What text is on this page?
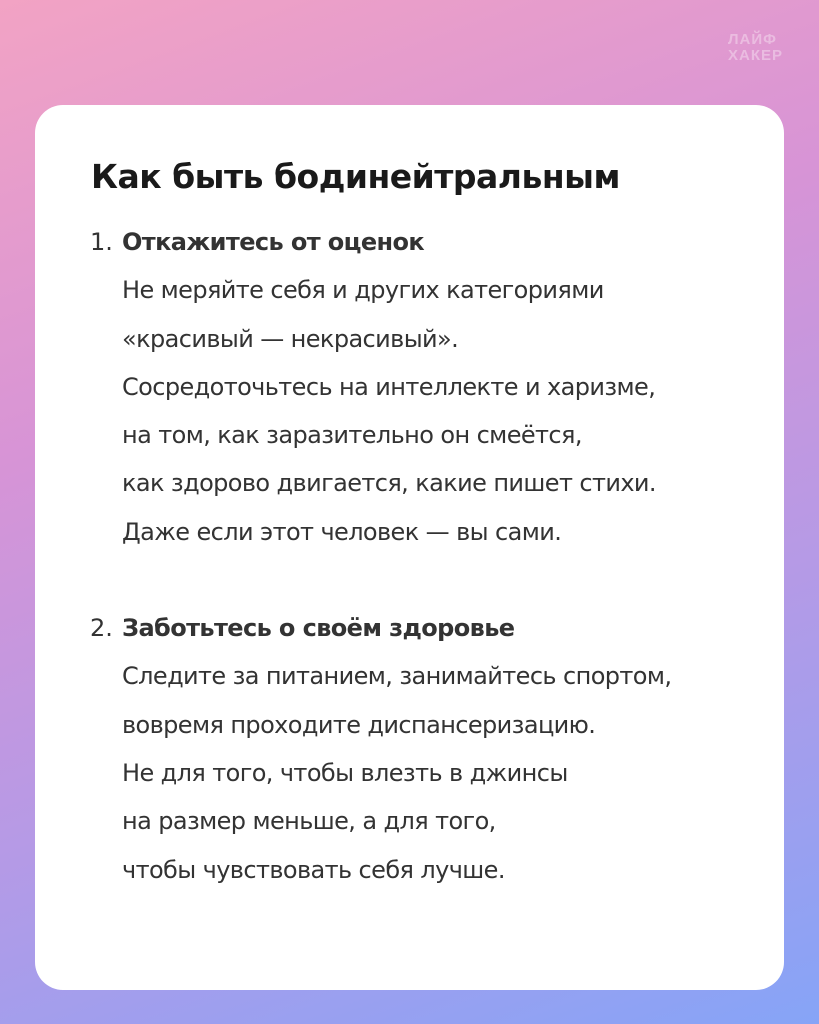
ЛАЙФ
ХАКЕР
Как быть бодинейтральным
1. Откажитесь от оценок
Не меряйте себя и других категориями
«красивый — некрасивый».
Сосредоточьтесь на интеллекте и харизме,
на том, как заразительно он смеётся,
как здорово двигается, какие пишет стихи.
Даже если этот человек — вы сами.
2. Заботьтесь о своём здоровье
Следите за питанием, занимайтесь спортом,
вовремя проходите диспансеризацию.
Не для того, чтобы влезть в джинсы
на размер меньше, а для того,
чтобы чувствовать себя лучше.
